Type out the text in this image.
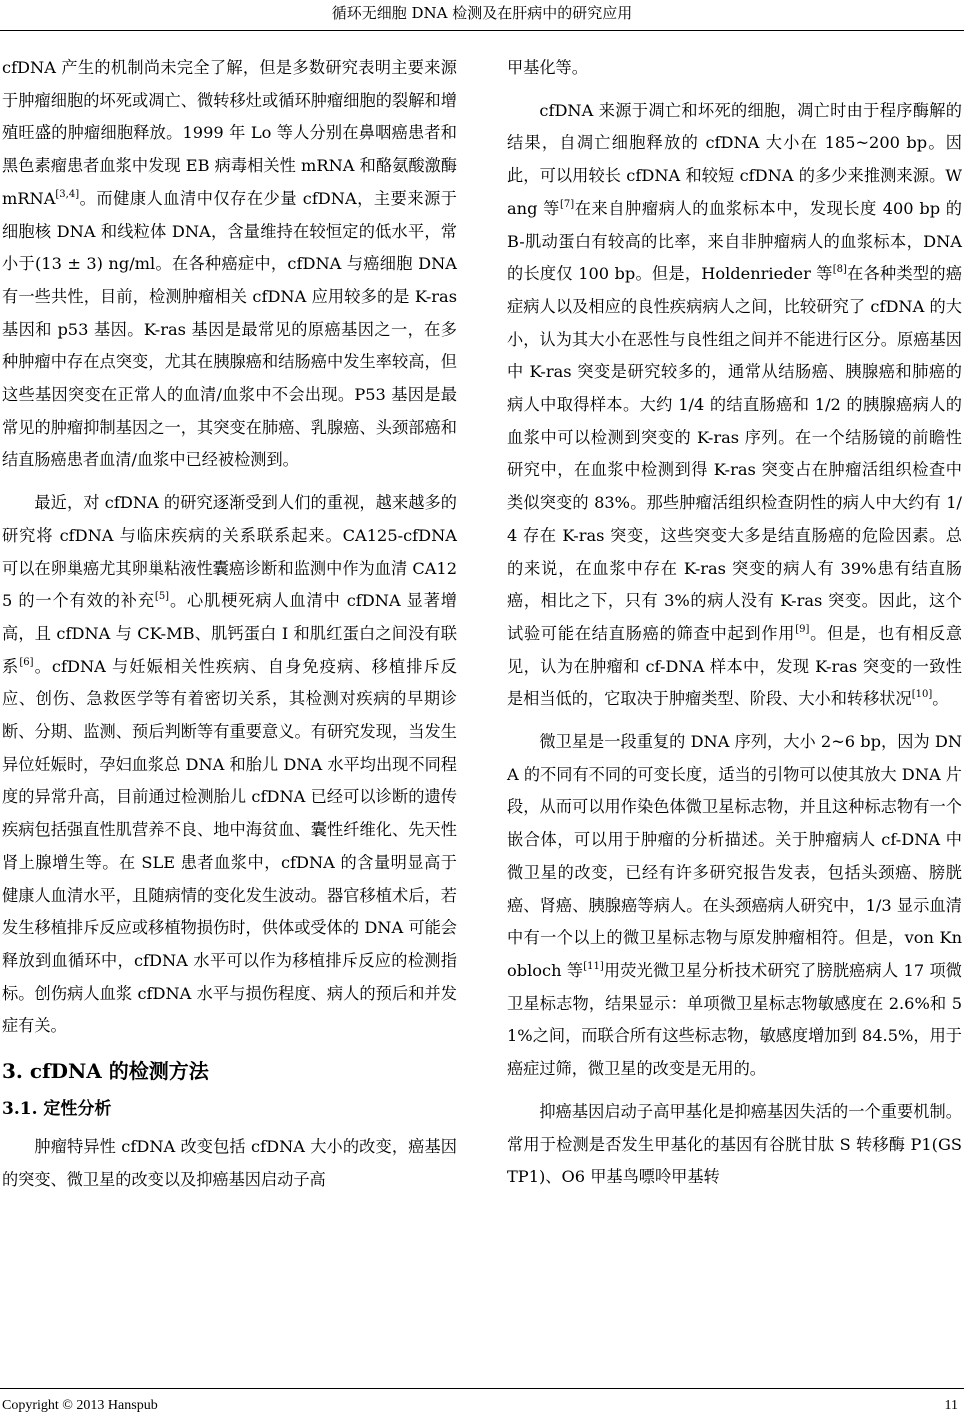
循环无细胞 DNA 检测及在肝病中的研究应用

cfDNA 产生的机制尚未完全了解，但是多数研究表明主要来源于肿瘤细胞的坏死或凋亡、微转移灶或循环肿瘤细胞的裂解和增殖旺盛的肿瘤细胞释放。1999 年 Lo 等人分别在鼻咽癌患者和黑色素瘤患者血浆中发现 EB 病毒相关性 mRNA 和酪氨酸激酶 mRNA[3,4]。而健康人血清中仅存在少量 cfDNA，主要来源于细胞核 DNA 和线粒体 DNA，含量维持在较恒定的低水平，常小于(13 ± 3) ng/ml。在各种癌症中，cfDNA 与癌细胞 DNA 有一些共性，目前，检测肿瘤相关 cfDNA 应用较多的是 K-ras 基因和 p53 基因。K-ras 基因是最常见的原癌基因之一，在多种肿瘤中存在点突变，尤其在胰腺癌和结肠癌中发生率较高，但这些基因突变在正常人的血清/血浆中不会出现。P53 基因是最常见的肿瘤抑制基因之一，其突变在肺癌、乳腺癌、头颈部癌和结直肠癌患者血清/血浆中已经被检测到。

最近，对 cfDNA 的研究逐渐受到人们的重视，越来越多的研究将 cfDNA 与临床疾病的关系联系起来。CA125-cfDNA 可以在卵巢癌尤其卵巢粘液性囊癌诊断和监测中作为血清 CA125 的一个有效的补充[5]。心肌梗死病人血清中 cfDNA 显著增高，且 cfDNA 与 CK-MB、肌钙蛋白 I 和肌红蛋白之间没有联系[6]。cfDNA 与妊娠相关性疾病、自身免疫病、移植排斥反应、创伤、急救医学等有着密切关系，其检测对疾病的早期诊断、分期、监测、预后判断等有重要意义。有研究发现，当发生异位妊娠时，孕妇血浆总 DNA 和胎儿 DNA 水平均出现不同程度的异常升高，目前通过检测胎儿 cfDNA 已经可以诊断的遗传疾病包括强直性肌营养不良、地中海贫血、囊性纤维化、先天性肾上腺增生等。在 SLE 患者血浆中，cfDNA 的含量明显高于健康人血清水平，且随病情的变化发生波动。器官移植术后，若发生移植排斥反应或移植物损伤时，供体或受体的 DNA 可能会释放到血循环中，cfDNA 水平可以作为移植排斥反应的检测指标。创伤病人血浆 cfDNA 水平与损伤程度、病人的预后和并发症有关。

3. cfDNA 的检测方法
3.1. 定性分析

肿瘤特异性 cfDNA 改变包括 cfDNA 大小的改变，癌基因的突变、微卫星的改变以及抑癌基因启动子高

甲基化等。

cfDNA 来源于凋亡和坏死的细胞，凋亡时由于程序酶解的结果，自凋亡细胞释放的 cfDNA 大小在 185~200 bp。因此，可以用较长 cfDNA 和较短 cfDNA 的多少来推测来源。Wang 等[7]在来自肿瘤病人的血浆标本中，发现长度 400 bp 的 B-肌动蛋白有较高的比率，来自非肿瘤病人的血浆标本，DNA 的长度仅 100 bp。但是，Holdenrieder 等[8]在各种类型的癌症病人以及相应的良性疾病病人之间，比较研究了 cfDNA 的大小，认为其大小在恶性与良性组之间并不能进行区分。原癌基因中 K-ras 突变是研究较多的，通常从结肠癌、胰腺癌和肺癌的病人中取得样本。大约 1/4 的结直肠癌和 1/2 的胰腺癌病人的血浆中可以检测到突变的 K-ras 序列。在一个结肠镜的前瞻性研究中，在血浆中检测到得 K-ras 突变占在肿瘤活组织检查中类似突变的 83%。那些肿瘤活组织检查阴性的病人中大约有 1/4 存在 K-ras 突变，这些突变大多是结直肠癌的危险因素。总的来说，在血浆中存在 K-ras 突变的病人有 39%患有结直肠癌，相比之下，只有 3%的病人没有 K-ras 突变。因此，这个试验可能在结直肠癌的筛查中起到作用[9]。但是，也有相反意见，认为在肿瘤和 cf-DNA 样本中，发现 K-ras 突变的一致性是相当低的，它取决于肿瘤类型、阶段、大小和转移状况[10]。

微卫星是一段重复的 DNA 序列，大小 2~6 bp，因为 DNA 的不同有不同的可变长度，适当的引物可以使其放大 DNA 片段，从而可以用作染色体微卫星标志物，并且这种标志物有一个嵌合体，可以用于肿瘤的分析描述。关于肿瘤病人 cf-DNA 中微卫星的改变，已经有许多研究报告发表，包括头颈癌、膀胱癌、肾癌、胰腺癌等病人。在头颈癌病人研究中，1/3 显示血清中有一个以上的微卫星标志物与原发肿瘤相符。但是，von Knobloch 等[11]用荧光微卫星分析技术研究了膀胱癌病人 17 项微卫星标志物，结果显示：单项微卫星标志物敏感度在 2.6%和 51%之间，而联合所有这些标志物，敏感度增加到 84.5%，用于癌症过筛，微卫星的改变是无用的。

抑癌基因启动子高甲基化是抑癌基因失活的一个重要机制。常用于检测是否发生甲基化的基因有谷胱甘肽 S 转移酶 P1(GSTP1)、O6 甲基鸟嘌呤甲基转

Copyright © 2013 Hanspub	11
